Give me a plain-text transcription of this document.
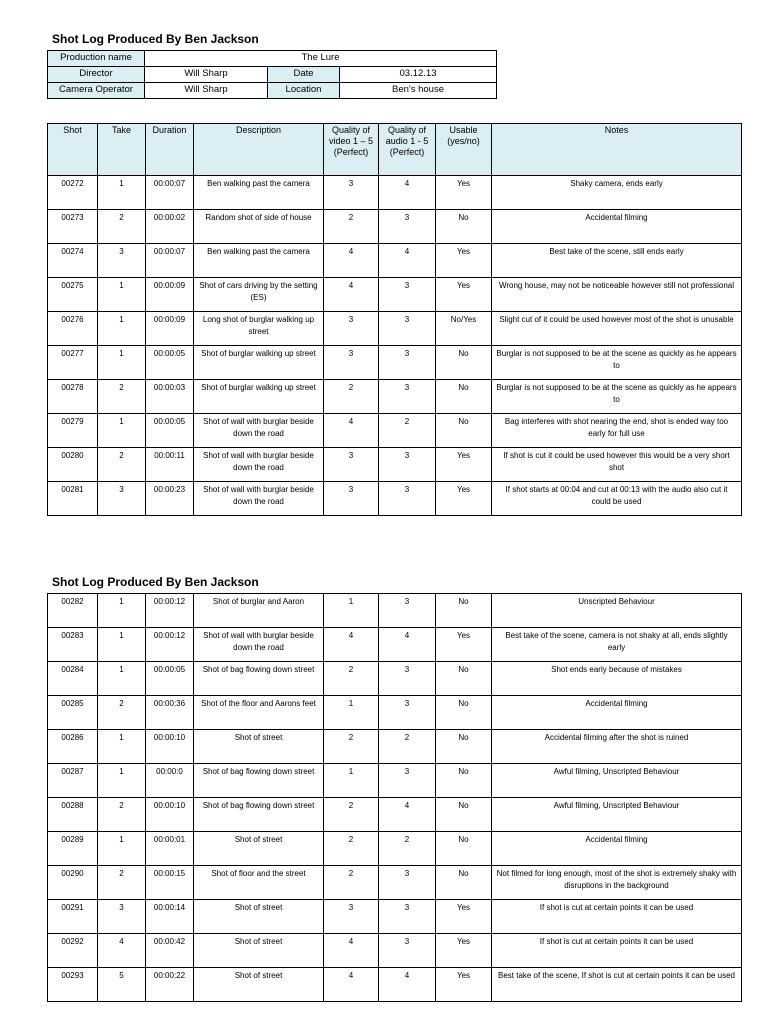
Shot Log Produced By Ben Jackson
Production name	The Lure		
Director	Will Sharp	Date	03.12.13
Camera Operator	Will Sharp	Location	Ben's house
Shot	Take	Duration	Description	Quality of video 1 – 5 (Perfect)	Quality of audio 1 - 5 (Perfect)	Usable (yes/no)	Notes
00272	1	00:00:07	Ben walking past the camera	3	4	Yes	Shaky camera, ends early
00273	2	00:00:02	Random shot of side of house	2	3	No	Accidental filming
00274	3	00:00:07	Ben walking past the camera	4	4	Yes	Best take of the scene, still ends early
00275	1	00:00:09	Shot of cars driving by the setting (ES)	4	3	Yes	Wrong house, may not be noticeable however still not professional
00276	1	00:00:09	Long shot of burglar walking up street	3	3	No/Yes	Slight cut of it could be used however most of the shot is unusable
00277	1	00:00:05	Shot of burglar walking up street	3	3	No	Burglar is not supposed to be at the scene as quickly as he appears to
00278	2	00:00:03	Shot of burglar walking up street	2	3	No	Burglar is not supposed to be at the scene as quickly as he appears to
00279	1	00:00:05	Shot of wall with burglar beside down the road	4	2	No	Bag interferes with shot nearing the end, shot is ended way too early for full use
00280	2	00:00:11	Shot of wall with burglar beside down the road	3	3	Yes	If shot is cut it could be used however this would be a very short shot
00281	3	00:00:23	Shot of wall with burglar beside down the road	3	3	Yes	If shot starts at 00:04 and cut at 00:13 with the audio also cut it could be used
Shot Log Produced By Ben Jackson
00282	1	00:00:12	Shot of burglar and Aaron	1	3	No	Unscripted Behaviour
00283	1	00:00:12	Shot of wall with burglar beside down the road	4	4	Yes	Best take of the scene, camera is not shaky at all, ends slightly early
00284	1	00:00:05	Shot of bag flowing down street	2	3	No	Shot ends early because of mistakes
00285	2	00:00:36	Shot of the floor and Aarons feet	1	3	No	Accidental filming
00286	1	00:00:10	Shot of street	2	2	No	Accidental filming after the shot is ruined
00287	1	00:00:0	Shot of bag flowing down street	1	3	No	Awful filming, Unscripted Behaviour
00288	2	00:00:10	Shot of bag flowing down street	2	4	No	Awful filming, Unscripted Behaviour
00289	1	00:00:01	Shot of street	2	2	No	Accidental filming
00290	2	00:00:15	Shot of floor and the street	2	3	No	Not filmed for long enough, most of the shot is extremely shaky with disruptions in the background
00291	3	00:00:14	Shot of street	3	3	Yes	If shot is cut at certain points it can be used
00292	4	00:00:42	Shot of street	4	3	Yes	If shot is cut at certain points it can be used
00293	5	00:00:22	Shot of street	4	4	Yes	Best take of the scene, If shot is cut at certain points it can be used
